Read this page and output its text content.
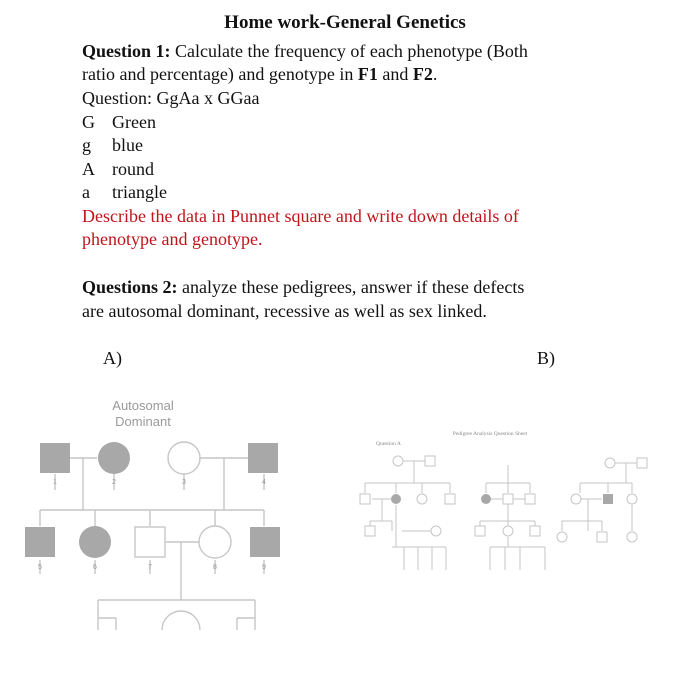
Home work-General Genetics
Question 1: Calculate the frequency of each phenotype (Both
ratio and percentage) and genotype in F1 and F2.
Question: GgAa x GGaa
G Green
g blue
A round
a triangle
Describe the data in Punnet square and write down details of
phenotype and genotype.
Questions 2: analyze these pedigrees, answer if these defects
are autosomal dominant, recessive as well as sex linked.
A)	B)
Autosomal
Dominant
1	2	3	4
5	6	7	8	9
Pedigree Analysis Question Sheet
Question A
